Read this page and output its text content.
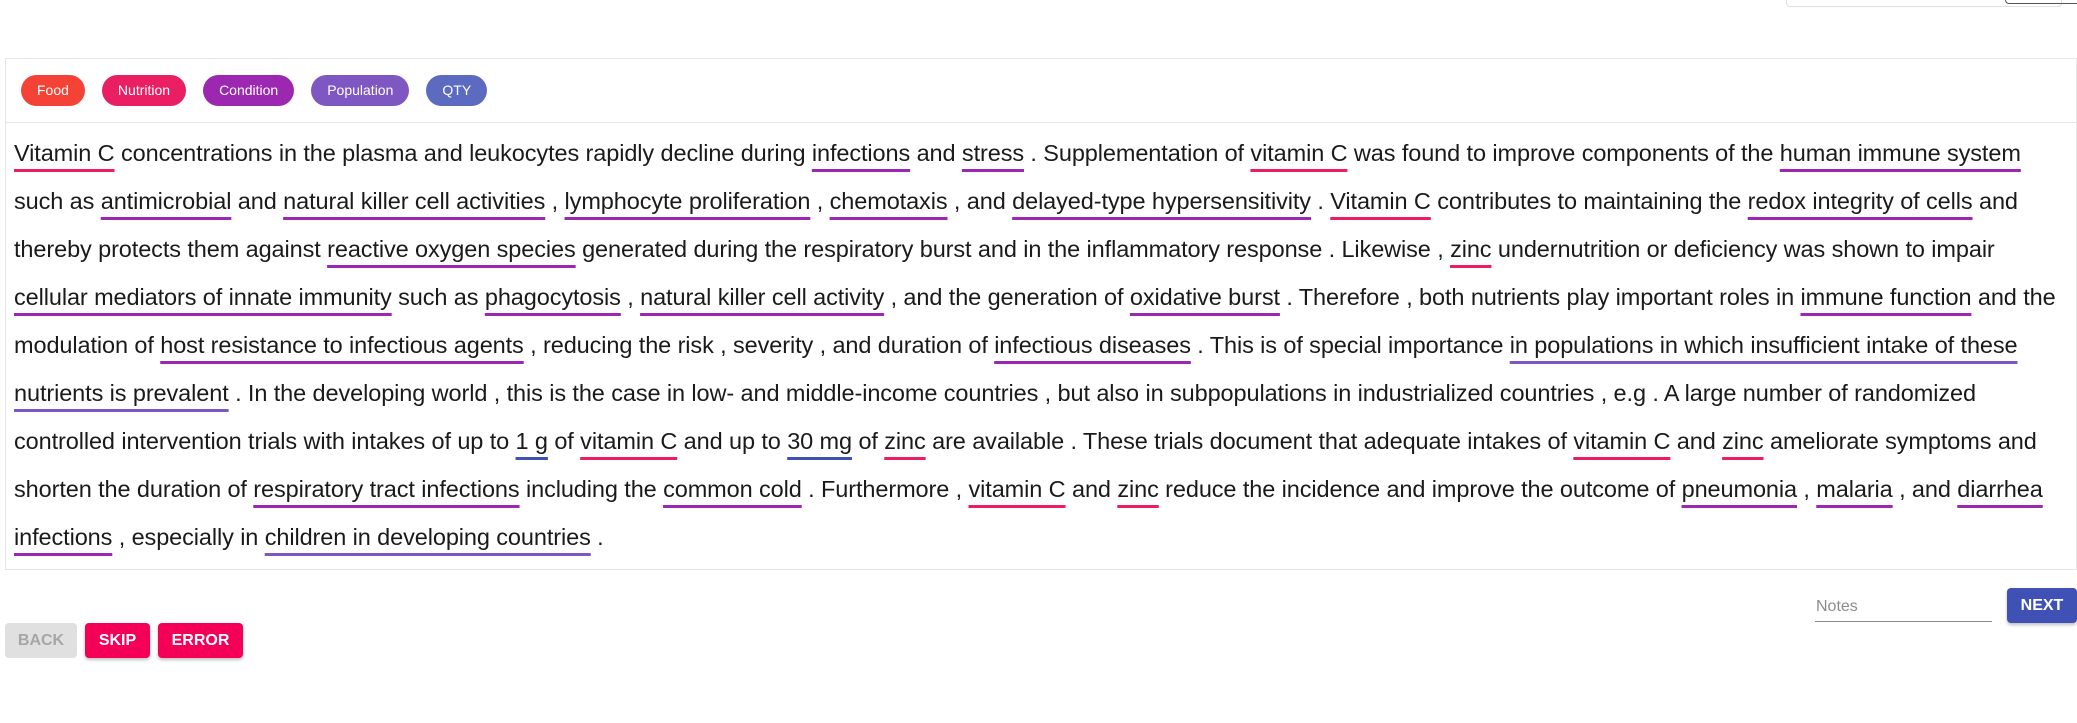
Food	Nutrition	Condition	Population	QTY
Vitamin C concentrations in the plasma and leukocytes rapidly decline during infections and stress . Supplementation of vitamin C was found to improve components of the human immune system such as antimicrobial and natural killer cell activities , lymphocyte proliferation , chemotaxis , and delayed-type hypersensitivity . Vitamin C contributes to maintaining the redox integrity of cells and thereby protects them against reactive oxygen species generated during the respiratory burst and in the inflammatory response . Likewise , zinc undernutrition or deficiency was shown to impair cellular mediators of innate immunity such as phagocytosis , natural killer cell activity , and the generation of oxidative burst . Therefore , both nutrients play important roles in immune function and the modulation of host resistance to infectious agents , reducing the risk , severity , and duration of infectious diseases . This is of special importance in populations in which insufficient intake of these nutrients is prevalent . In the developing world , this is the case in low- and middle-income countries , but also in subpopulations in industrialized countries , e.g . A large number of randomized controlled intervention trials with intakes of up to 1 g of vitamin C and up to 30 mg of zinc are available . These trials document that adequate intakes of vitamin C and zinc ameliorate symptoms and shorten the duration of respiratory tract infections including the common cold . Furthermore , vitamin C and zinc reduce the incidence and improve the outcome of pneumonia , malaria , and diarrhea infections , especially in children in developing countries .
Notes
NEXT
BACK	SKIP	ERROR
